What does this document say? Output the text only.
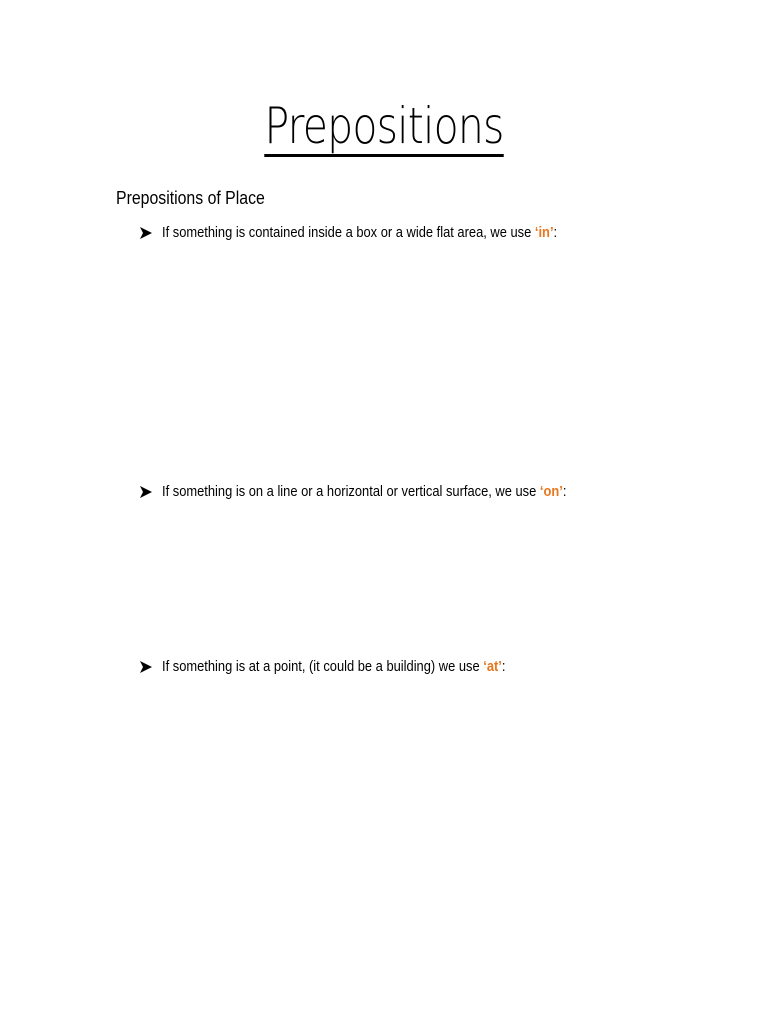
Prepositions
Prepositions of Place
If something is contained inside a box or a wide flat area, we use ‘in’:
If something is on a line or a horizontal or vertical surface, we use ‘on’:
If something is at a point, (it could be a building) we use ‘at’:
